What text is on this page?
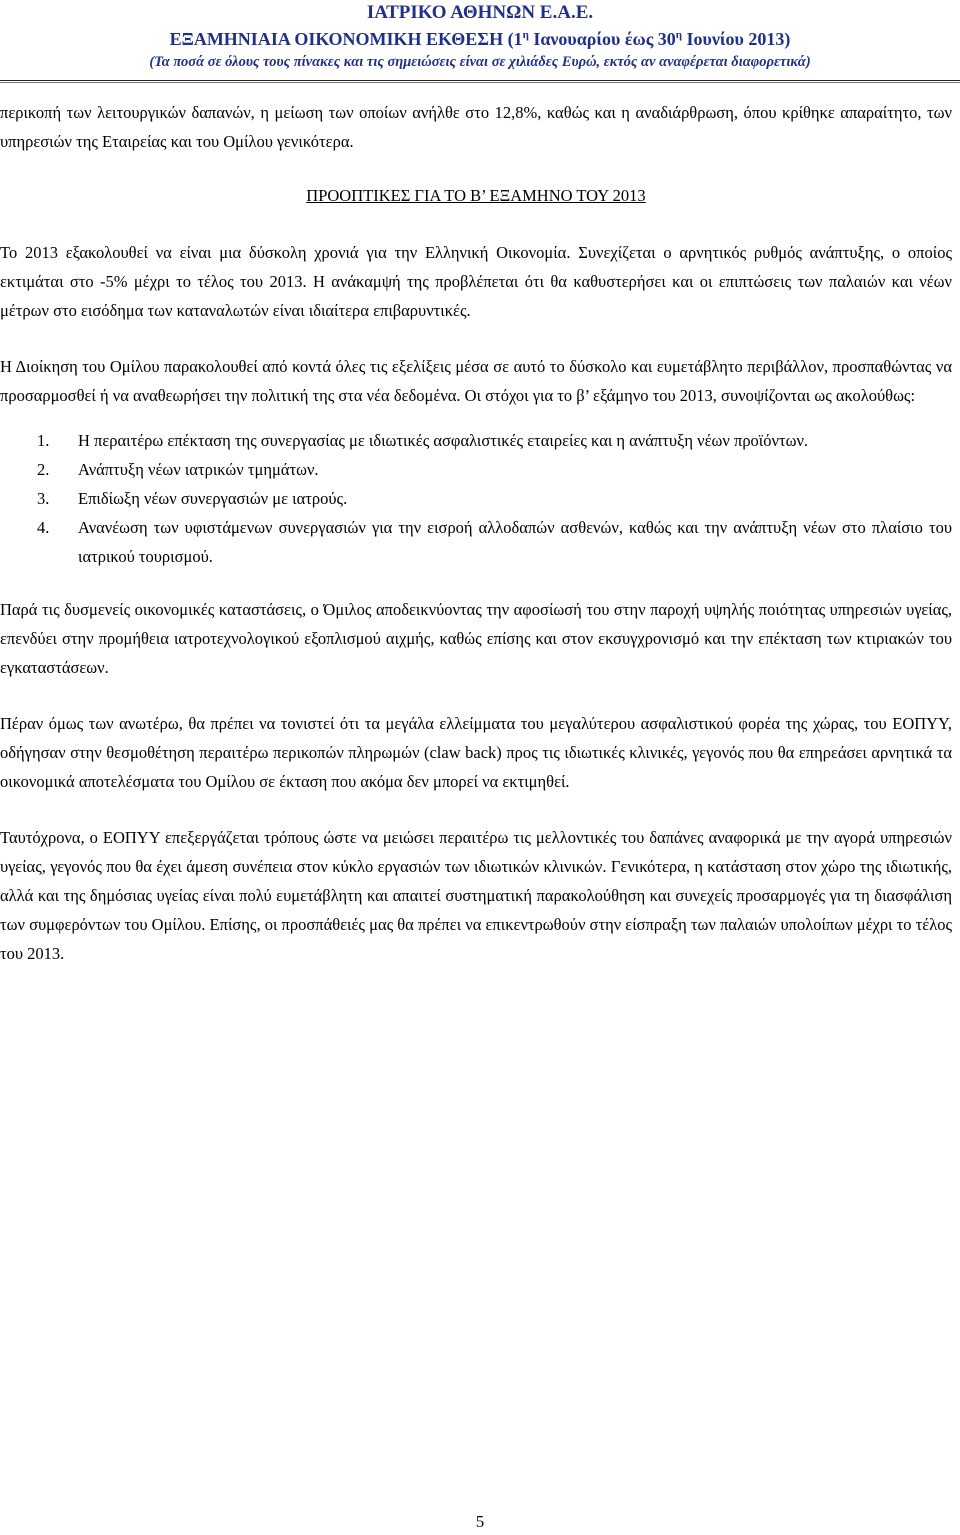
ΙΑΤΡΙΚΟ ΑΘΗΝΩΝ Ε.Α.Ε.
ΕΞΑΜΗΝΙΑΙΑ ΟΙΚΟΝΟΜΙΚΗ ΕΚΘΕΣΗ ($1^\eta$ Ιανουαρίου έως $30^\eta$ Ιουνίου 2013)
(Τα ποσά σε όλους τους πίνακες και τις σημειώσεις είναι σε χιλιάδες Ευρώ, εκτός αν αναφέρεται διαφορετικά)

περικοπή των λειτουργικών δαπανών, η μείωση των οποίων ανήλθε στο 12,8%, καθώς και η αναδιάρθρωση, όπου κρίθηκε απαραίτητο, των υπηρεσιών της Εταιρείας και του Ομίλου γενικότερα.

ΠΡΟΟΠΤΙΚΕΣ ΓΙΑ ΤΟ Β’ ΕΞΑΜΗΝΟ ΤΟΥ 2013

Το 2013 εξακολουθεί να είναι μια δύσκολη χρονιά για την Ελληνική Οικονομία. Συνεχίζεται ο αρνητικός ρυθμός ανάπτυξης, ο οποίος εκτιμάται στο -5% μέχρι το τέλος του 2013. Η ανάκαμψή της προβλέπεται ότι θα καθυστερήσει και οι επιπτώσεις των παλαιών και νέων μέτρων στο εισόδημα των καταναλωτών είναι ιδιαίτερα επιβαρυντικές.

Η Διοίκηση του Ομίλου παρακολουθεί από κοντά όλες τις εξελίξεις μέσα σε αυτό το δύσκολο και ευμετάβλητο περιβάλλον, προσπαθώντας να προσαρμοσθεί ή να αναθεωρήσει την πολιτική της στα νέα δεδομένα. Οι στόχοι για το β’ εξάμηνο του 2013, συνοψίζονται ως ακολούθως:

1. Η περαιτέρω επέκταση της συνεργασίας με ιδιωτικές ασφαλιστικές εταιρείες και η ανάπτυξη νέων προϊόντων.
2. Ανάπτυξη νέων ιατρικών τμημάτων.
3. Επιδίωξη νέων συνεργασιών με ιατρούς.
4. Ανανέωση των υφιστάμενων συνεργασιών για την εισροή αλλοδαπών ασθενών, καθώς και την ανάπτυξη νέων στο πλαίσιο του ιατρικού τουρισμού.

Παρά τις δυσμενείς οικονομικές καταστάσεις, ο Όμιλος αποδεικνύοντας την αφοσίωσή του στην παροχή υψηλής ποιότητας υπηρεσιών υγείας, επενδύει στην προμήθεια ιατροτεχνολογικού εξοπλισμού αιχμής, καθώς επίσης και στον εκσυγχρονισμό και την επέκταση των κτιριακών του εγκαταστάσεων.

Πέραν όμως των ανωτέρω, θα πρέπει να τονιστεί ότι τα μεγάλα ελλείμματα του μεγαλύτερου ασφαλιστικού φορέα της χώρας, του ΕΟΠΥΥ, οδήγησαν στην θεσμοθέτηση περαιτέρω περικοπών πληρωμών (claw back) προς τις ιδιωτικές κλινικές, γεγονός που θα επηρεάσει αρνητικά τα οικονομικά αποτελέσματα του Ομίλου σε έκταση που ακόμα δεν μπορεί να εκτιμηθεί.

Ταυτόχρονα, ο ΕΟΠΥΥ επεξεργάζεται τρόπους ώστε να μειώσει περαιτέρω τις μελλοντικές του δαπάνες αναφορικά με την αγορά υπηρεσιών υγείας, γεγονός που θα έχει άμεση συνέπεια στον κύκλο εργασιών των ιδιωτικών κλινικών. Γενικότερα, η κατάσταση στον χώρο της ιδιωτικής, αλλά και της δημόσιας υγείας είναι πολύ ευμετάβλητη και απαιτεί συστηματική παρακολούθηση και συνεχείς προσαρμογές για τη διασφάλιση των συμφερόντων του Ομίλου. Επίσης, οι προσπάθειές μας θα πρέπει να επικεντρωθούν στην είσπραξη των παλαιών υπολοίπων μέχρι το τέλος του 2013.

5
